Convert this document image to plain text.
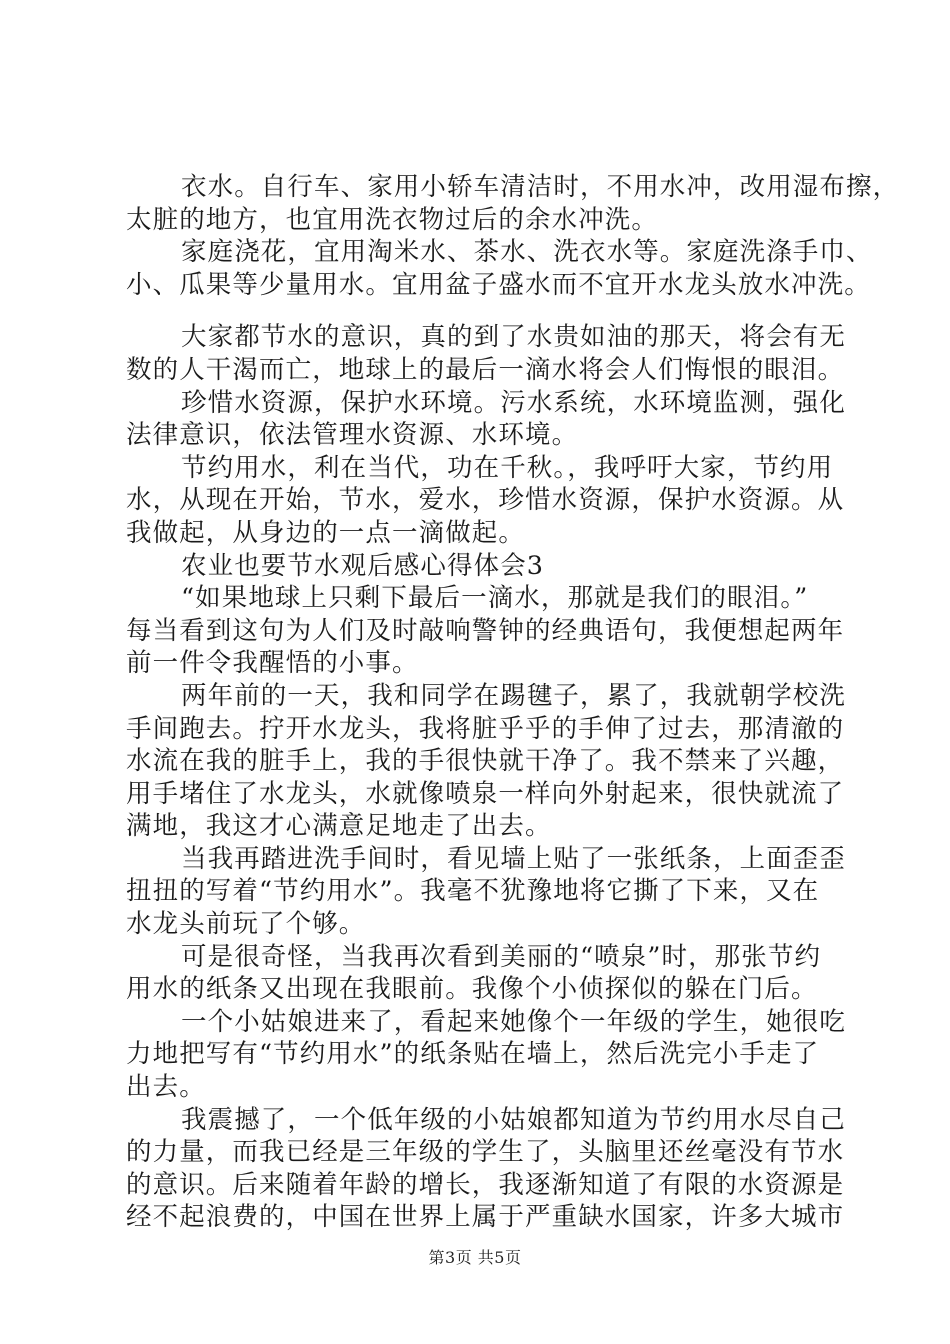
衣水。自行车、家用小轿车清洁时，不用水冲，改用湿布擦，
太脏的地方，也宜用洗衣物过后的余水冲洗。
家庭浇花，宜用淘米水、茶水、洗衣水等。家庭洗涤手巾、
小、瓜果等少量用水。宜用盆子盛水而不宜开水龙头放水冲洗。
大家都节水的意识，真的到了水贵如油的那天，将会有无
数的人干渴而亡，地球上的最后一滴水将会人们悔恨的眼泪。
珍惜水资源，保护水环境。污水系统，水环境监测，强化
法律意识，依法管理水资源、水环境。
节约用水，利在当代，功在千秋。，我呼吁大家，节约用
水，从现在开始，节水，爱水，珍惜水资源，保护水资源。从
我做起，从身边的一点一滴做起。
农业也要节水观后感心得体会3
“如果地球上只剩下最后一滴水，那就是我们的眼泪。”
每当看到这句为人们及时敲响警钟的经典语句，我便想起两年
前一件令我醒悟的小事。
两年前的一天，我和同学在踢毽子，累了，我就朝学校洗
手间跑去。拧开水龙头，我将脏乎乎的手伸了过去，那清澈的
水流在我的脏手上，我的手很快就干净了。我不禁来了兴趣，
用手堵住了水龙头，水就像喷泉一样向外射起来，很快就流了
满地，我这才心满意足地走了出去。
当我再踏进洗手间时，看见墙上贴了一张纸条，上面歪歪
扭扭的写着“节约用水”。我毫不犹豫地将它撕了下来，又在
水龙头前玩了个够。
可是很奇怪，当我再次看到美丽的“喷泉”时，那张节约
用水的纸条又出现在我眼前。我像个小侦探似的躲在门后。
一个小姑娘进来了，看起来她像个一年级的学生，她很吃
力地把写有“节约用水”的纸条贴在墙上，然后洗完小手走了
出去。
我震撼了，一个低年级的小姑娘都知道为节约用水尽自己
的力量，而我已经是三年级的学生了，头脑里还丝毫没有节水
的意识。后来随着年龄的增长，我逐渐知道了有限的水资源是
经不起浪费的，中国在世界上属于严重缺水国家，许多大城市
第3页 共5页
